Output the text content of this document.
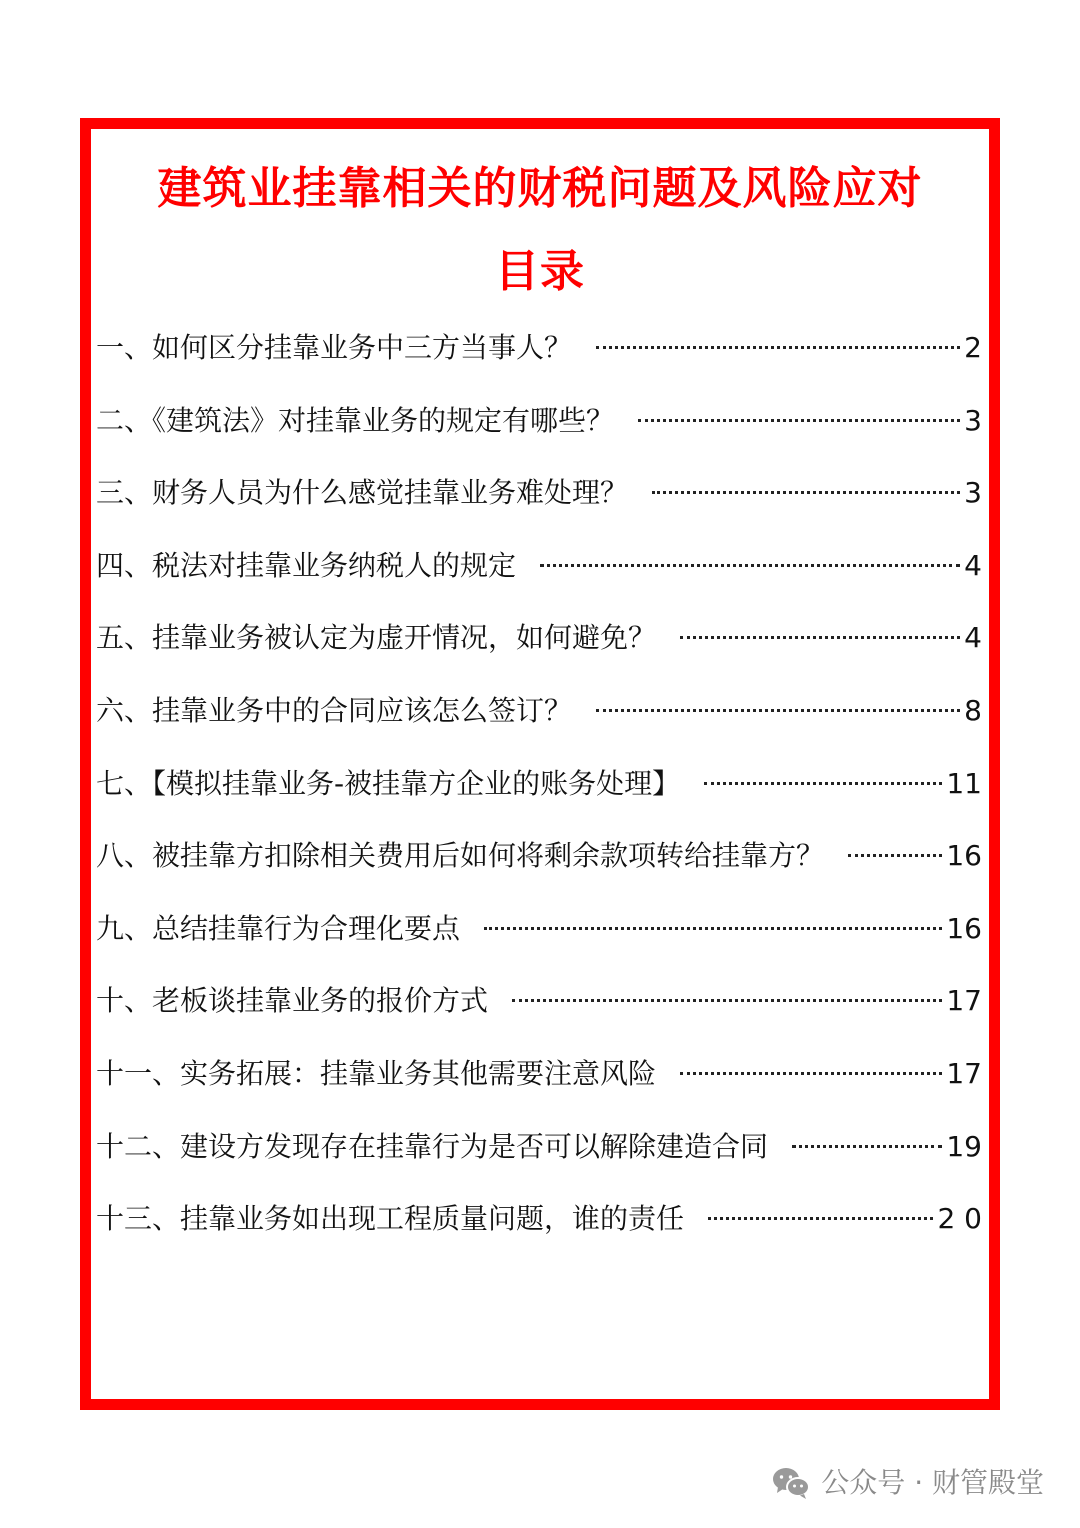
建筑业挂靠相关的财税问题及风险应对
目录
一、如何区分挂靠业务中三方当事人？	2
二、《建筑法》对挂靠业务的规定有哪些？	3
三、财务人员为什么感觉挂靠业务难处理？	3
四、税法对挂靠业务纳税人的规定	4
五、挂靠业务被认定为虚开情况，如何避免？	4
六、挂靠业务中的合同应该怎么签订？	8
七、【模拟挂靠业务-被挂靠方企业的账务处理】	11
八、被挂靠方扣除相关费用后如何将剩余款项转给挂靠方？	16
九、总结挂靠行为合理化要点	16
十、老板谈挂靠业务的报价方式	17
十一、实务拓展：挂靠业务其他需要注意风险	17
十二、建设方发现存在挂靠行为是否可以解除建造合同	19
十三、挂靠业务如出现工程质量问题，谁的责任	2 0
公众号 · 财管殿堂
